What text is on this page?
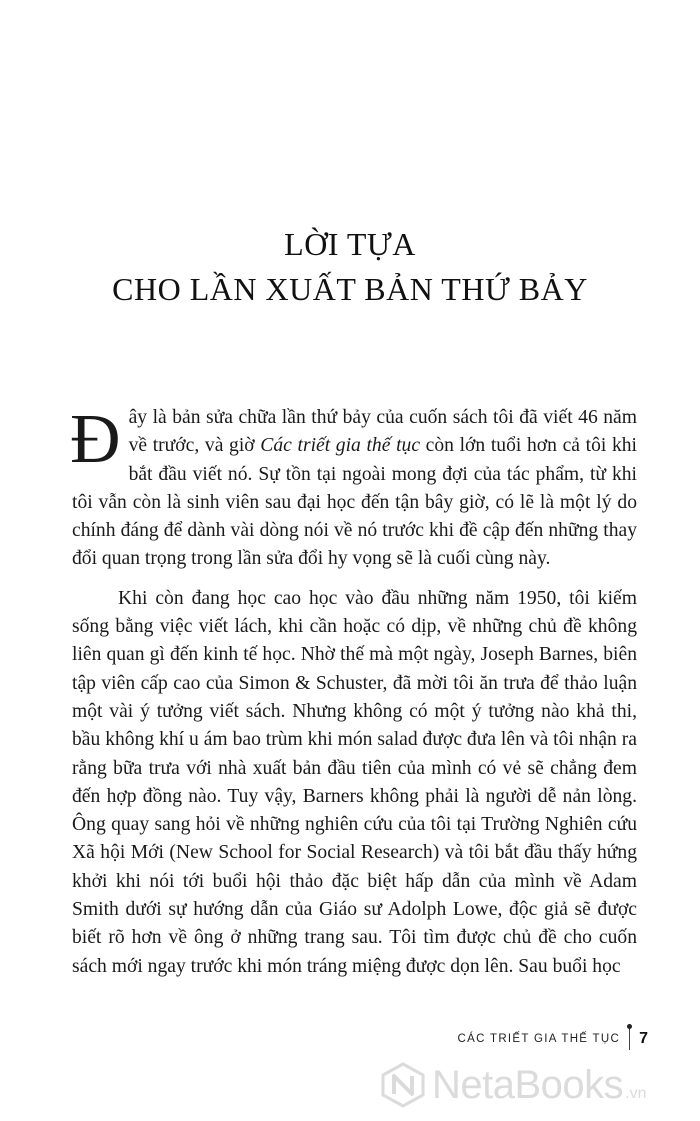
LỜI TỰA
CHO LẦN XUẤT BẢN THỨ BẢY

Đây là bản sửa chữa lần thứ bảy của cuốn sách tôi đã viết 46 năm về trước, và giờ Các triết gia thế tục còn lớn tuổi hơn cả tôi khi bắt đầu viết nó. Sự tồn tại ngoài mong đợi của tác phẩm, từ khi tôi vẫn còn là sinh viên sau đại học đến tận bây giờ, có lẽ là một lý do chính đáng để dành vài dòng nói về nó trước khi đề cập đến những thay đổi quan trọng trong lần sửa đổi hy vọng sẽ là cuối cùng này.

Khi còn đang học cao học vào đầu những năm 1950, tôi kiếm sống bằng việc viết lách, khi cần hoặc có dịp, về những chủ đề không liên quan gì đến kinh tế học. Nhờ thế mà một ngày, Joseph Barnes, biên tập viên cấp cao của Simon & Schuster, đã mời tôi ăn trưa để thảo luận một vài ý tưởng viết sách. Nhưng không có một ý tưởng nào khả thi, bầu không khí u ám bao trùm khi món salad được đưa lên và tôi nhận ra rằng bữa trưa với nhà xuất bản đầu tiên của mình có vẻ sẽ chẳng đem đến hợp đồng nào. Tuy vậy, Barners không phải là người dễ nản lòng. Ông quay sang hỏi về những nghiên cứu của tôi tại Trường Nghiên cứu Xã hội Mới (New School for Social Research) và tôi bắt đầu thấy hứng khởi khi nói tới buổi hội thảo đặc biệt hấp dẫn của mình về Adam Smith dưới sự hướng dẫn của Giáo sư Adolph Lowe, độc giả sẽ được biết rõ hơn về ông ở những trang sau. Tôi tìm được chủ đề cho cuốn sách mới ngay trước khi món tráng miệng được dọn lên. Sau buổi học

CÁC TRIẾT GIA THẾ TỤC 7
NetaBooks .vn
